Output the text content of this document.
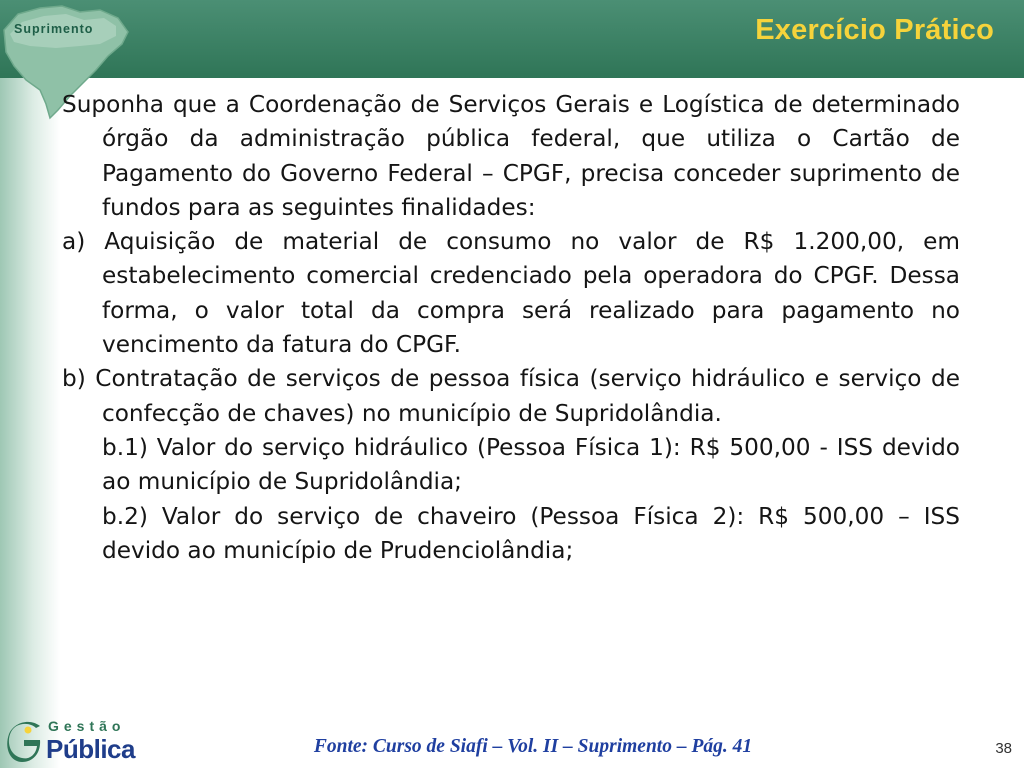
Suprimento	Exercício Prático

Suponha que a Coordenação de Serviços Gerais e Logística de determinado órgão da administração pública federal, que utiliza o Cartão de Pagamento do Governo Federal – CPGF, precisa conceder suprimento de fundos para as seguintes finalidades:

a) Aquisição de material de consumo no valor de R$ 1.200,00, em estabelecimento comercial credenciado pela operadora do CPGF. Dessa forma, o valor total da compra será realizado para pagamento no vencimento da fatura do CPGF.

b) Contratação de serviços de pessoa física (serviço hidráulico e serviço de confecção de chaves) no município de Supridolândia.

b.1) Valor do serviço hidráulico (Pessoa Física 1): R$ 500,00 - ISS devido ao município de Supridolândia;

b.2) Valor do serviço de chaveiro (Pessoa Física 2): R$ 500,00 – ISS devido ao município de Prudenciolândia;

Gestão
Pública	Fonte: Curso de Siafi – Vol. II – Suprimento – Pág. 41	38
